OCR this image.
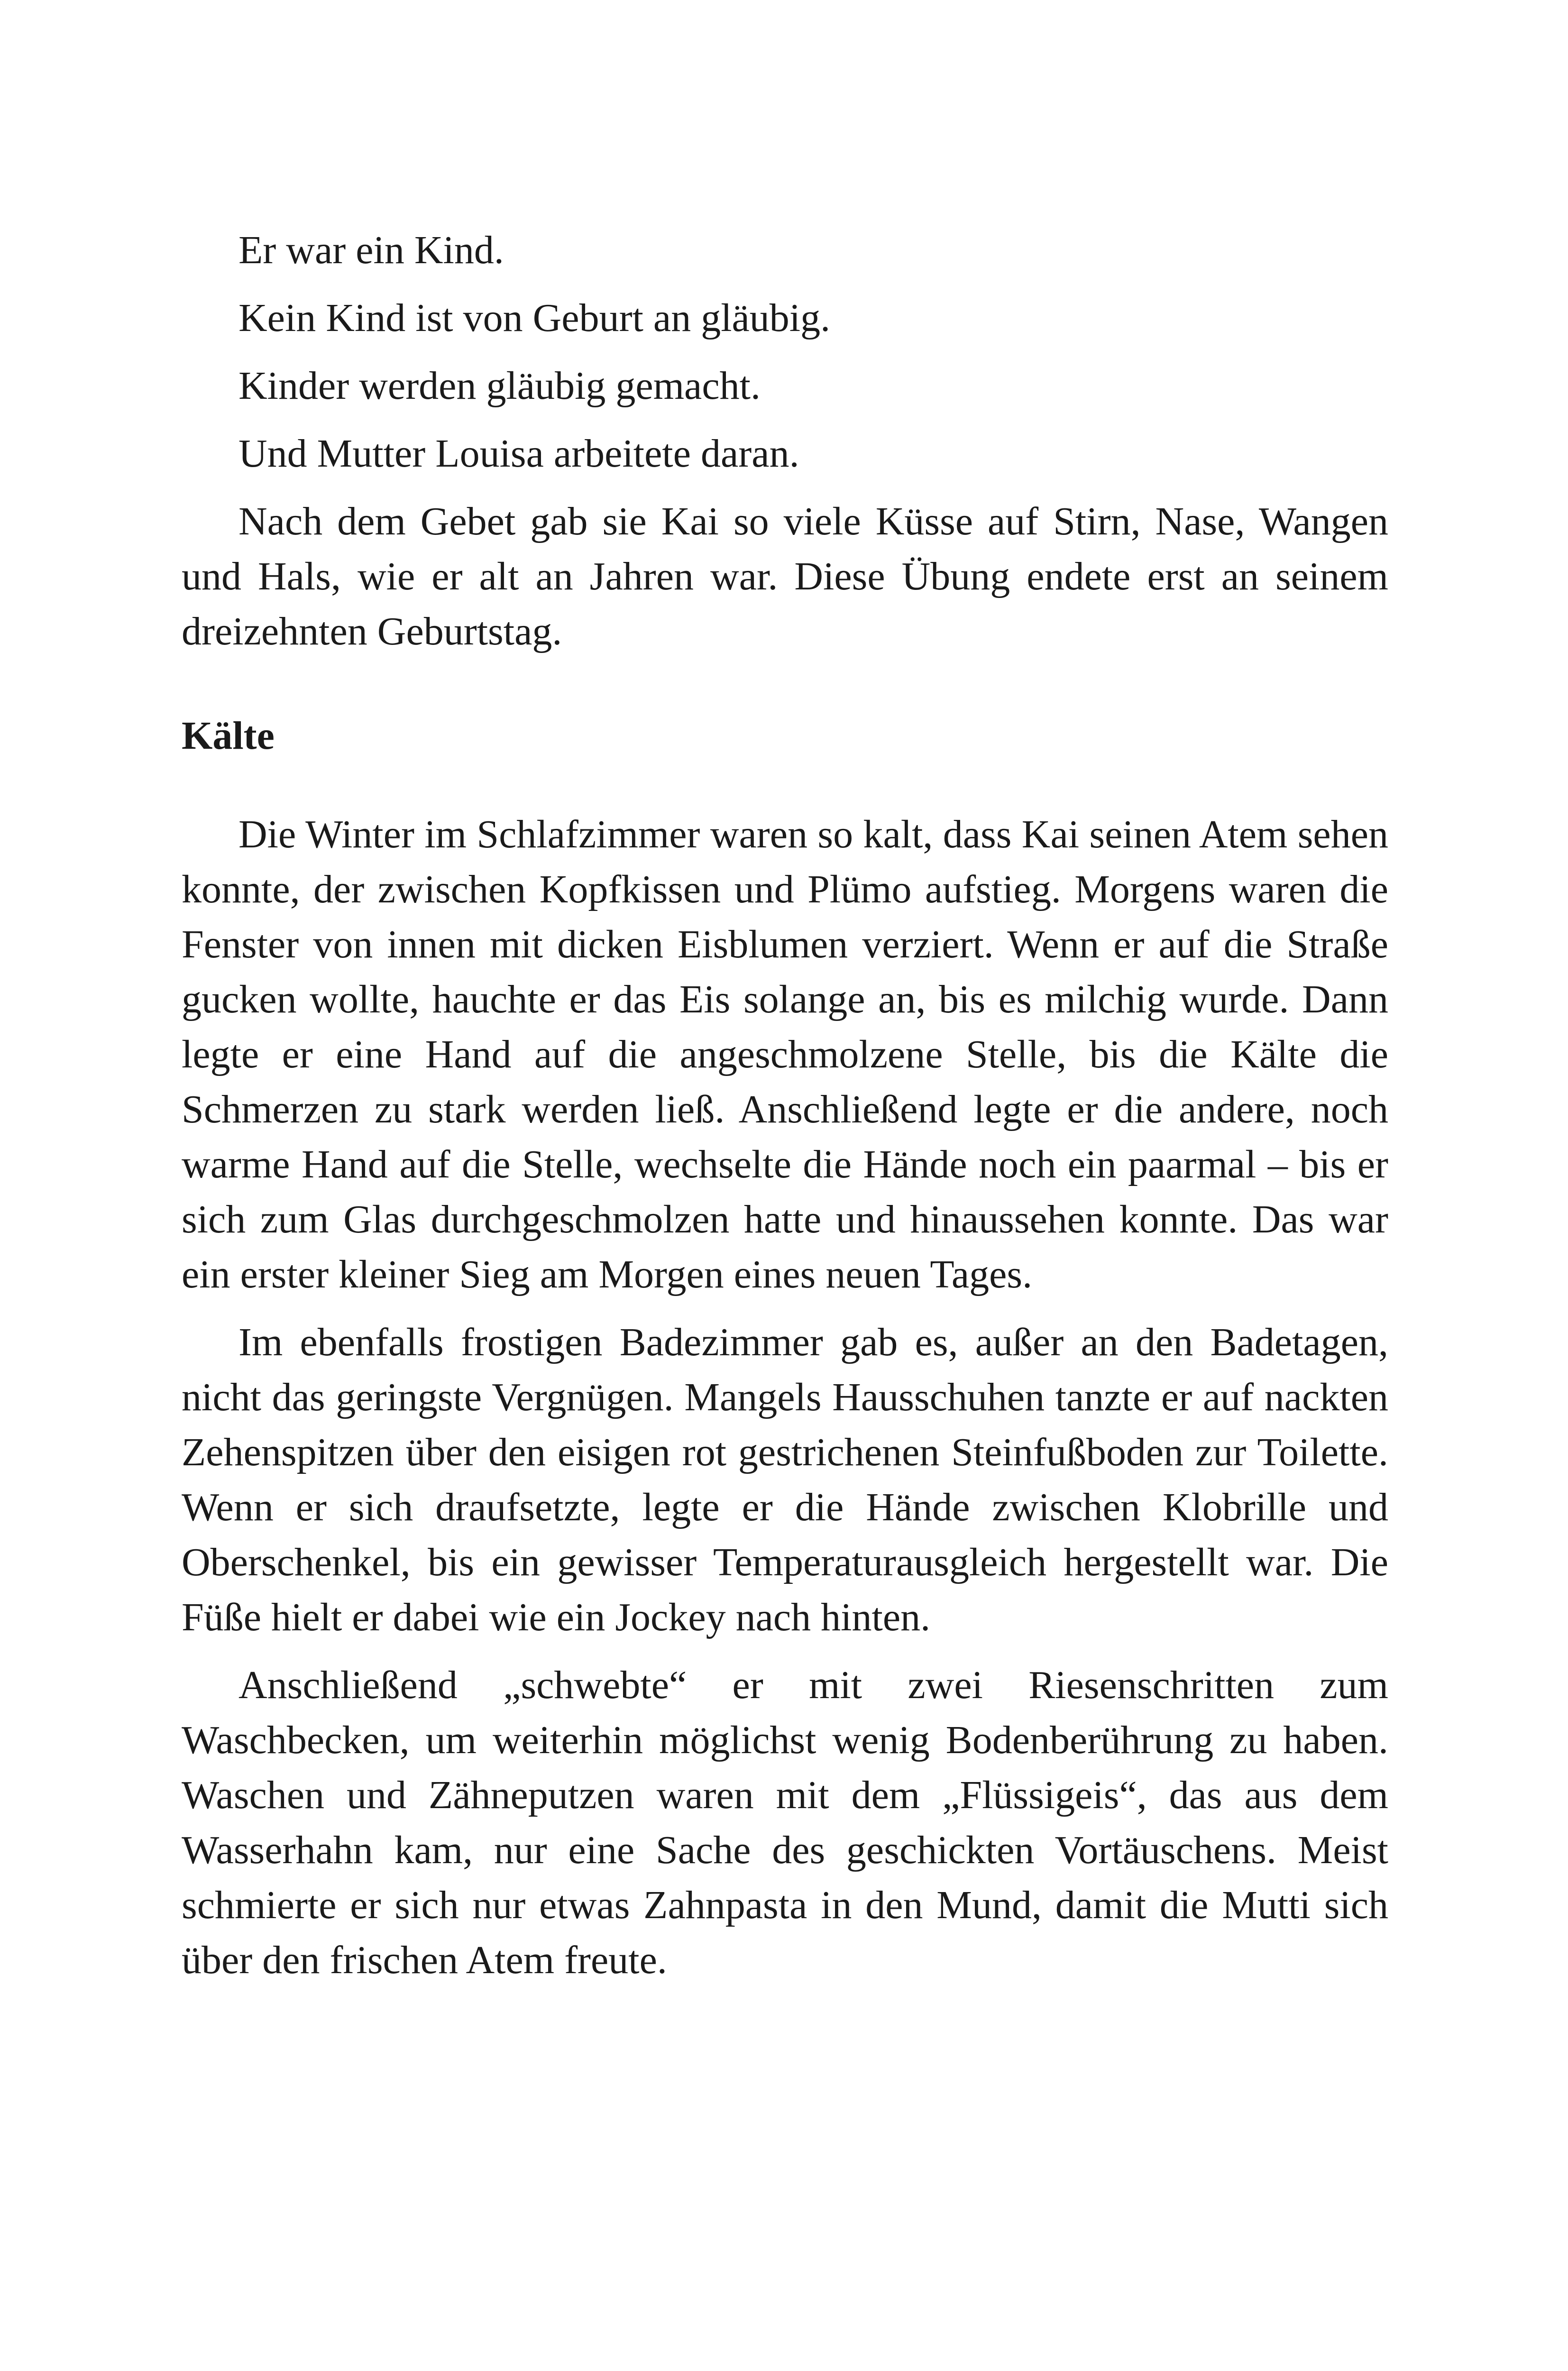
Er war ein Kind.

Kein Kind ist von Geburt an gläubig.

Kinder werden gläubig gemacht.

Und Mutter Louisa arbeitete daran.

Nach dem Gebet gab sie Kai so viele Küsse auf Stirn, Nase, Wangen und Hals, wie er alt an Jahren war. Diese Übung endete erst an seinem dreizehnten Geburtstag.

Kälte

Die Winter im Schlafzimmer waren so kalt, dass Kai seinen Atem sehen konnte, der zwischen Kopfkissen und Plümo aufstieg. Morgens waren die Fenster von innen mit dicken Eisblumen verziert. Wenn er auf die Straße gucken wollte, hauchte er das Eis solange an, bis es milchig wurde. Dann legte er eine Hand auf die angeschmolzene Stelle, bis die Kälte die Schmerzen zu stark werden ließ. Anschließend legte er die andere, noch warme Hand auf die Stelle, wechselte die Hände noch ein paarmal – bis er sich zum Glas durchgeschmolzen hatte und hinaussehen konnte. Das war ein erster kleiner Sieg am Morgen eines neuen Tages.

Im ebenfalls frostigen Badezimmer gab es, außer an den Badetagen, nicht das geringste Vergnügen. Mangels Hausschuhen tanzte er auf nackten Zehenspitzen über den eisigen rot gestrichenen Steinfußboden zur Toilette. Wenn er sich draufsetzte, legte er die Hände zwischen Klobrille und Oberschenkel, bis ein gewisser Temperaturausgleich hergestellt war. Die Füße hielt er dabei wie ein Jockey nach hinten.

Anschließend „schwebte“ er mit zwei Riesenschritten zum Waschbecken, um weiterhin möglichst wenig Bodenberührung zu haben. Waschen und Zähneputzen waren mit dem „Flüssigeis“, das aus dem Wasserhahn kam, nur eine Sache des geschickten Vortäuschens. Meist schmierte er sich nur etwas Zahnpasta in den Mund, damit die Mutti sich über den frischen Atem freute.
